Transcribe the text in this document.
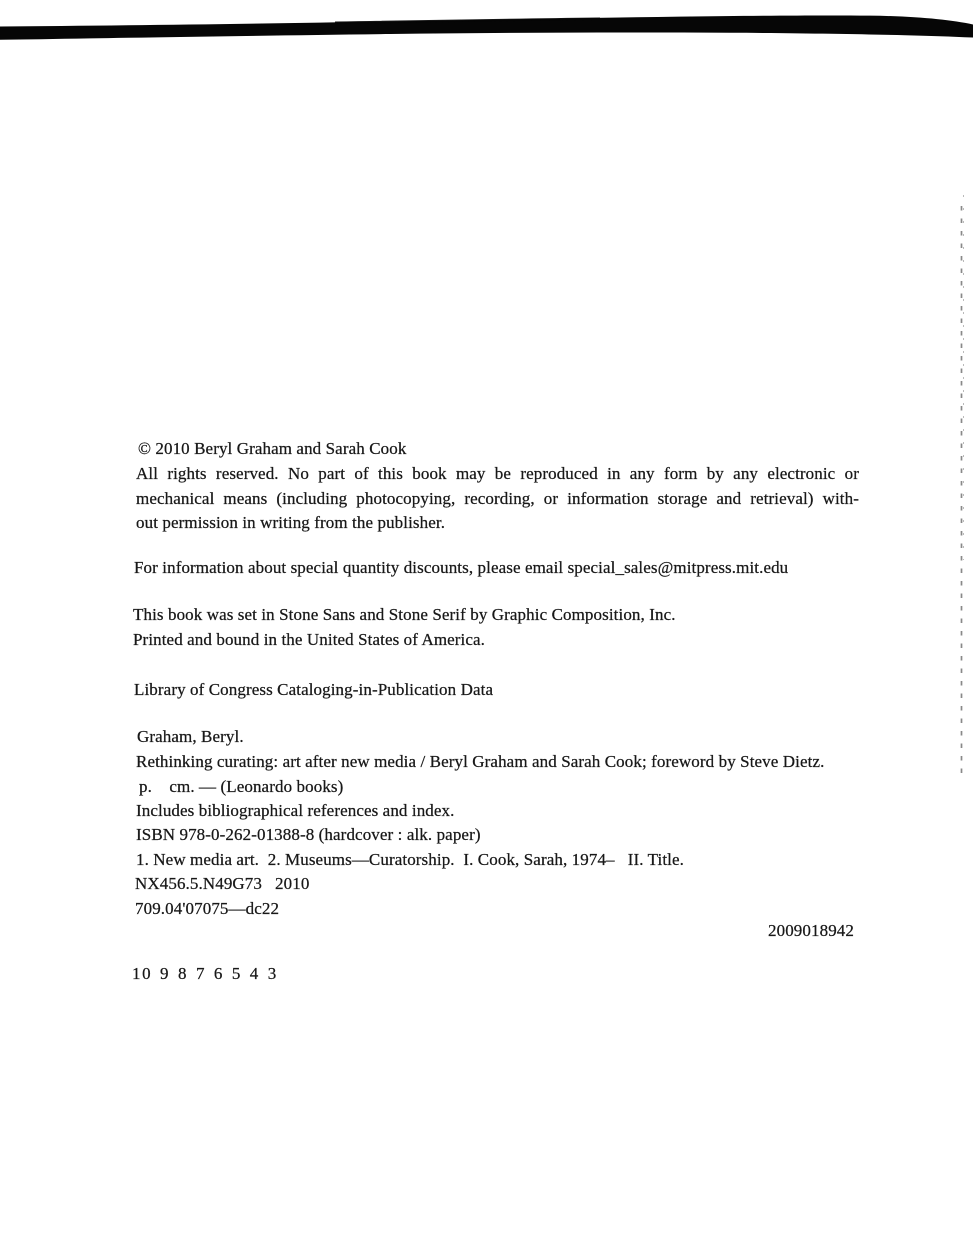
© 2010 Beryl Graham and Sarah Cook
All rights reserved. No part of this book may be reproduced in any form by any electronic or
mechanical means (including photocopying, recording, or information storage and retrieval) with-
out permission in writing from the publisher.
For information about special quantity discounts, please email special_sales@mitpress.mit.edu
This book was set in Stone Sans and Stone Serif by Graphic Composition, Inc.
Printed and bound in the United States of America.
Library of Congress Cataloging-in-Publication Data
Graham, Beryl.
Rethinking curating: art after new media / Beryl Graham and Sarah Cook; foreword by Steve Dietz.
p.    cm. — (Leonardo books)
Includes bibliographical references and index.
ISBN 978-0-262-01388-8 (hardcover : alk. paper)
1. New media art.  2. Museums—Curatorship.  I. Cook, Sarah, 1974–   II. Title.
NX456.5.N49G73   2010
709.04'07075—dc22
2009018942
10 9 8 7 6 5 4 3
